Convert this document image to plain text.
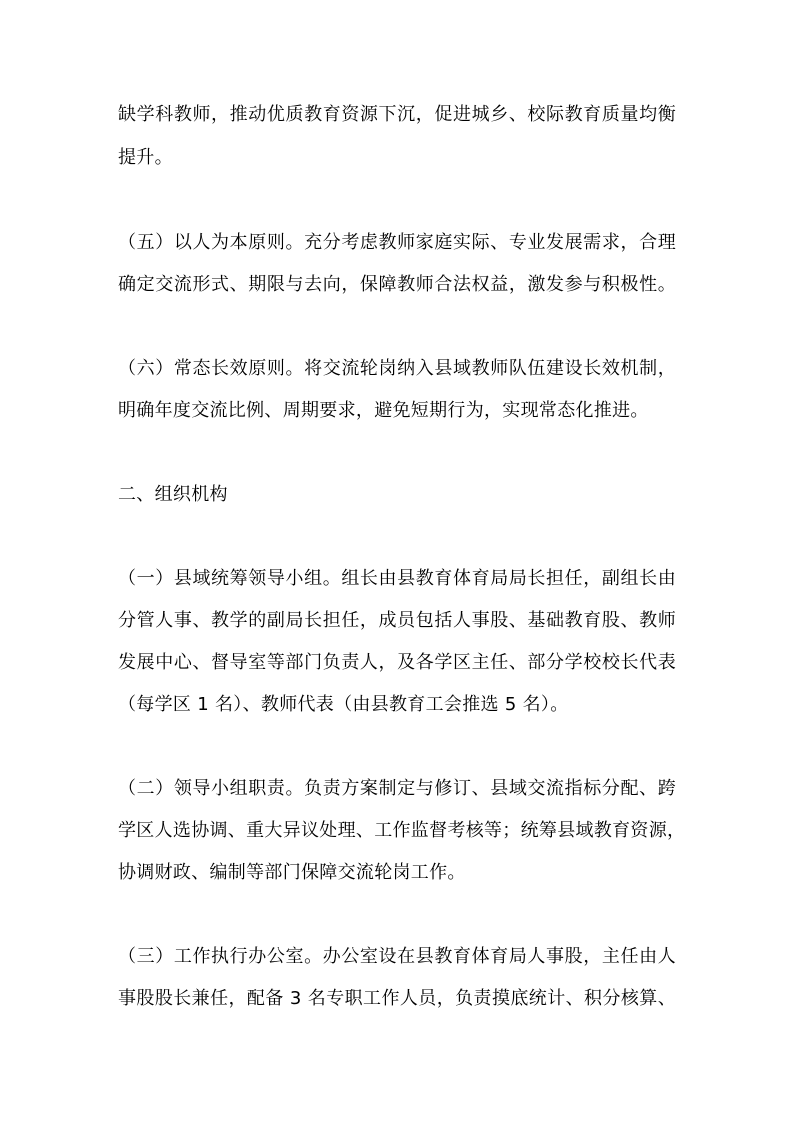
缺学科教师，推动优质教育资源下沉，促进城乡、校际教育质量均衡
提升。
（五）以人为本原则。充分考虑教师家庭实际、专业发展需求，合理
确定交流形式、期限与去向，保障教师合法权益，激发参与积极性。
（六）常态长效原则。将交流轮岗纳入县域教师队伍建设长效机制，
明确年度交流比例、周期要求，避免短期行为，实现常态化推进。
二、组织机构
（一）县域统筹领导小组。组长由县教育体育局局长担任，副组长由
分管人事、教学的副局长担任，成员包括人事股、基础教育股、教师
发展中心、督导室等部门负责人，及各学区主任、部分学校校长代表
（每学区 1 名）、教师代表（由县教育工会推选 5 名）。
（二）领导小组职责。负责方案制定与修订、县域交流指标分配、跨
学区人选协调、重大异议处理、工作监督考核等；统筹县域教育资源，
协调财政、编制等部门保障交流轮岗工作。
（三）工作执行办公室。办公室设在县教育体育局人事股，主任由人
事股股长兼任，配备 3 名专职工作人员，负责摸底统计、积分核算、
